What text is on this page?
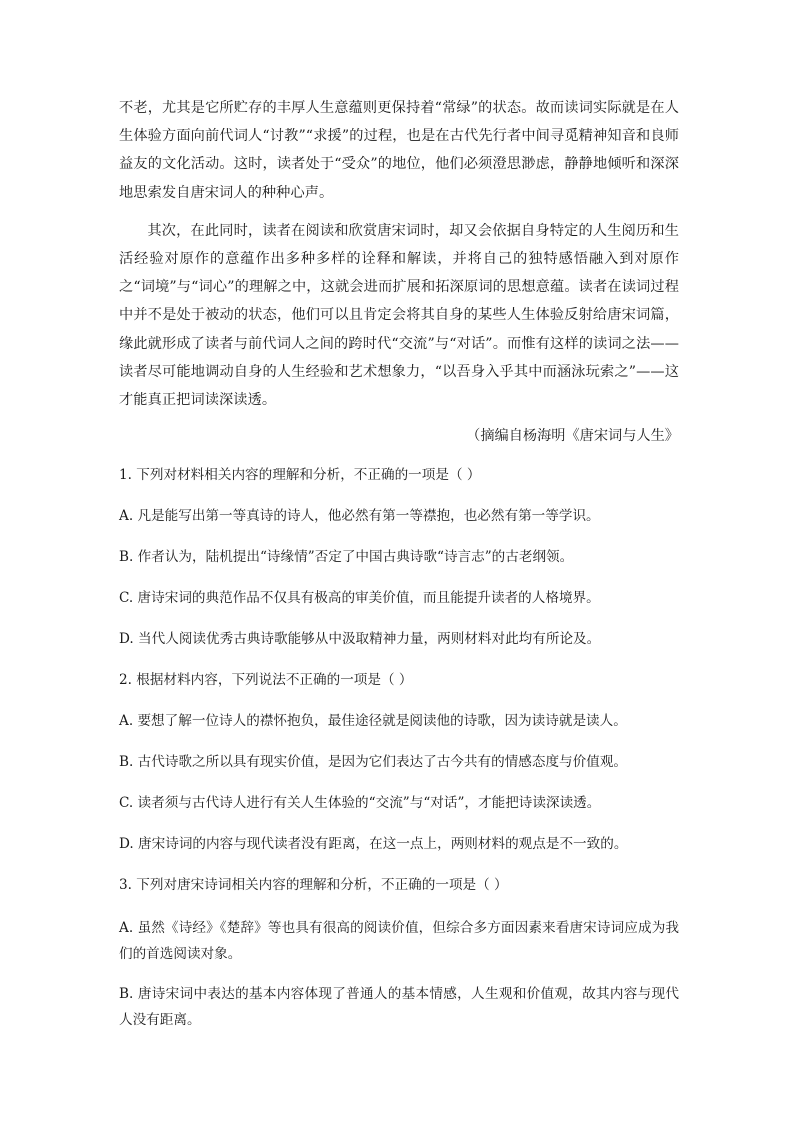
不老，尤其是它所贮存的丰厚人生意蕴则更保持着“常绿”的状态。故而读词实际就是在人生体验方面向前代词人“讨教”“求援”的过程，也是在古代先行者中间寻觅精神知音和良师益友的文化活动。这时，读者处于“受众”的地位，他们必须澄思渺虑，静静地倾听和深深地思索发自唐宋词人的种种心声。

其次，在此同时，读者在阅读和欣赏唐宋词时，却又会依据自身特定的人生阅历和生活经验对原作的意蕴作出多种多样的诠释和解读，并将自己的独特感悟融入到对原作之“词境”与“词心”的理解之中，这就会进而扩展和拓深原词的思想意蕴。读者在读词过程中并不是处于被动的状态，他们可以且肯定会将其自身的某些人生体验反射给唐宋词篇，缘此就形成了读者与前代词人之间的跨时代“交流”与“对话”。而惟有这样的读词之法——读者尽可能地调动自身的人生经验和艺术想象力，“以吾身入乎其中而涵泳玩索之”——这才能真正把词读深读透。

（摘编自杨海明《唐宋词与人生》

1. 下列对材料相关内容的理解和分析，不正确的一项是（ ）

A. 凡是能写出第一等真诗的诗人，他必然有第一等襟抱，也必然有第一等学识。

B. 作者认为，陆机提出“诗缘情”否定了中国古典诗歌“诗言志”的古老纲领。

C. 唐诗宋词的典范作品不仅具有极高的审美价值，而且能提升读者的人格境界。

D. 当代人阅读优秀古典诗歌能够从中汲取精神力量，两则材料对此均有所论及。

2. 根据材料内容，下列说法不正确的一项是（ ）

A. 要想了解一位诗人的襟怀抱负，最佳途径就是阅读他的诗歌，因为读诗就是读人。

B. 古代诗歌之所以具有现实价值，是因为它们表达了古今共有的情感态度与价值观。

C. 读者须与古代诗人进行有关人生体验的“交流”与“对话”，才能把诗读深读透。

D. 唐宋诗词的内容与现代读者没有距离，在这一点上，两则材料的观点是不一致的。

3. 下列对唐宋诗词相关内容的理解和分析，不正确的一项是（ ）

A. 虽然《诗经》《楚辞》等也具有很高的阅读价值，但综合多方面因素来看唐宋诗词应成为我们的首选阅读对象。

B. 唐诗宋词中表达的基本内容体现了普通人的基本情感，人生观和价值观，故其内容与现代人没有距离。
